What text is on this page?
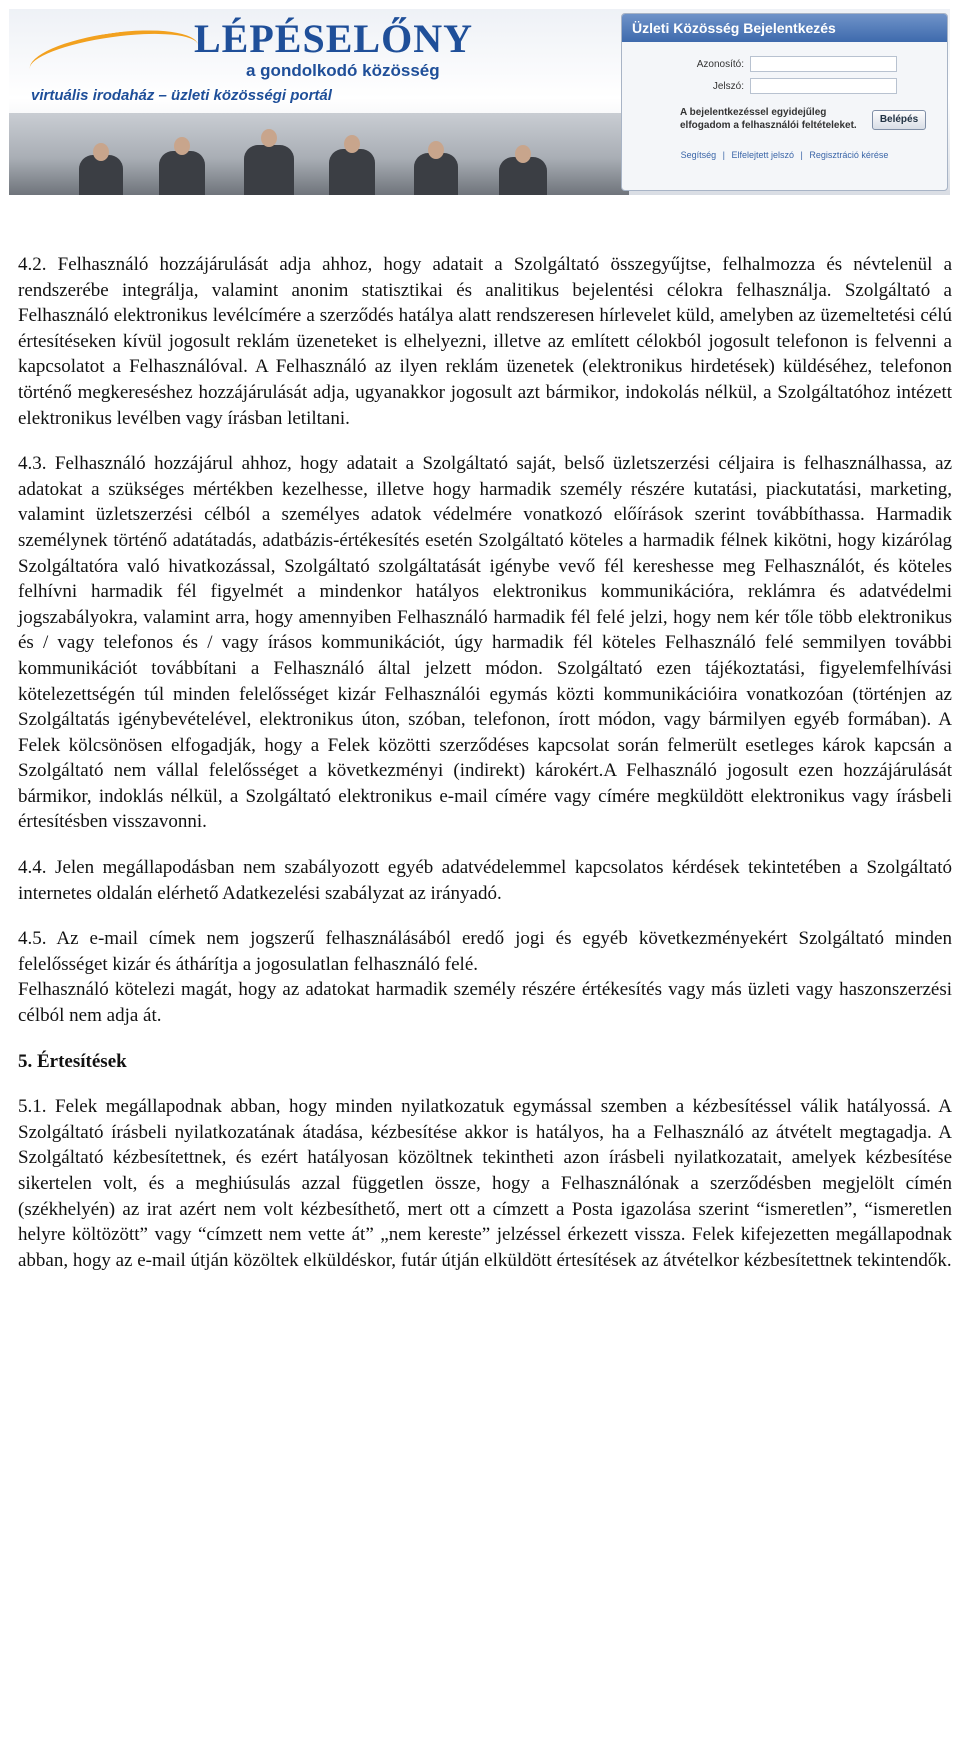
LÉPÉSELŐNY
a gondolkodó közösség
virtuális irodaház – üzleti közösségi portál
Üzleti Közösség Bejelentkezés
Azonosító:
Jelszó:
A bejelentkezéssel egyidejűleg
elfogadom a felhasználói feltételeket.
Belépés
Segítség | Elfelejtett jelszó | Regisztráció kérése

4.2. Felhasználó hozzájárulását adja ahhoz, hogy adatait a Szolgáltató összegyűjtse, felhalmozza és névtelenül a rendszerébe integrálja, valamint anonim statisztikai és analitikus bejelentési célokra felhasználja. Szolgáltató a Felhasználó elektronikus levélcímére a szerződés hatálya alatt rendszeresen hírlevelet küld, amelyben az üzemeltetési célú értesítéseken kívül jogosult reklám üzeneteket is elhelyezni, illetve az említett célokból jogosult telefonon is felvenni a kapcsolatot a Felhasználóval. A Felhasználó az ilyen reklám üzenetek (elektronikus hirdetések) küldéséhez, telefonon történő megkereséshez hozzájárulását adja, ugyanakkor jogosult azt bármikor, indokolás nélkül, a Szolgáltatóhoz intézett elektronikus levélben vagy írásban letiltani.

4.3. Felhasználó hozzájárul ahhoz, hogy adatait a Szolgáltató saját, belső üzletszerzési céljaira is felhasználhassa, az adatokat a szükséges mértékben kezelhesse, illetve hogy harmadik személy részére kutatási, piackutatási, marketing, valamint üzletszerzési célból a személyes adatok védelmére vonatkozó előírások szerint továbbíthassa. Harmadik személynek történő adatátadás, adatbázis-értékesítés esetén Szolgáltató köteles a harmadik félnek kikötni, hogy kizárólag Szolgáltatóra való hivatkozással, Szolgáltató szolgáltatását igénybe vevő fél kereshesse meg Felhasználót, és köteles felhívni harmadik fél figyelmét a mindenkor hatályos elektronikus kommunikációra, reklámra és adatvédelmi jogszabályokra, valamint arra, hogy amennyiben Felhasználó harmadik fél felé jelzi, hogy nem kér tőle több elektronikus és / vagy telefonos és / vagy írásos kommunikációt, úgy harmadik fél köteles Felhasználó felé semmilyen további kommunikációt továbbítani a Felhasználó által jelzett módon. Szolgáltató ezen tájékoztatási, figyelemfelhívási kötelezettségén túl minden felelősséget kizár Felhasználói egymás közti kommunikációira vonatkozóan (történjen az Szolgáltatás igénybevételével, elektronikus úton, szóban, telefonon, írott módon, vagy bármilyen egyéb formában). A Felek kölcsönösen elfogadják, hogy a Felek közötti szerződéses kapcsolat során felmerült esetleges károk kapcsán a Szolgáltató nem vállal felelősséget a következményi (indirekt) károkért.A Felhasználó jogosult ezen hozzájárulását bármikor, indoklás nélkül, a Szolgáltató elektronikus e-mail címére vagy címére megküldött elektronikus vagy írásbeli értesítésben visszavonni.

4.4. Jelen megállapodásban nem szabályozott egyéb adatvédelemmel kapcsolatos kérdések tekintetében a Szolgáltató internetes oldalán elérhető Adatkezelési szabályzat az irányadó.

4.5. Az e-mail címek nem jogszerű felhasználásából eredő jogi és egyéb következményekért Szolgáltató minden felelősséget kizár és áthárítja a jogosulatlan felhasználó felé.

Felhasználó kötelezi magát, hogy az adatokat harmadik személy részére értékesítés vagy más üzleti vagy haszonszerzési célból nem adja át.

5. Értesítések

5.1. Felek megállapodnak abban, hogy minden nyilatkozatuk egymással szemben a kézbesítéssel válik hatályossá. A Szolgáltató írásbeli nyilatkozatának átadása, kézbesítése akkor is hatályos, ha a Felhasználó az átvételt megtagadja. A Szolgáltató kézbesítettnek, és ezért hatályosan közöltnek tekintheti azon írásbeli nyilatkozatait, amelyek kézbesítése sikertelen volt, és a meghiúsulás azzal független össze, hogy a Felhasználónak a szerződésben megjelölt címén (székhelyén) az irat azért nem volt kézbesíthető, mert ott a címzett a Posta igazolása szerint “ismeretlen”, “ismeretlen helyre költözött” vagy “címzett nem vette át” „nem kereste” jelzéssel érkezett vissza. Felek kifejezetten megállapodnak abban, hogy az e-mail útján közöltek elküldéskor, futár útján elküldött értesítések az átvételkor kézbesítettnek tekintendők.
